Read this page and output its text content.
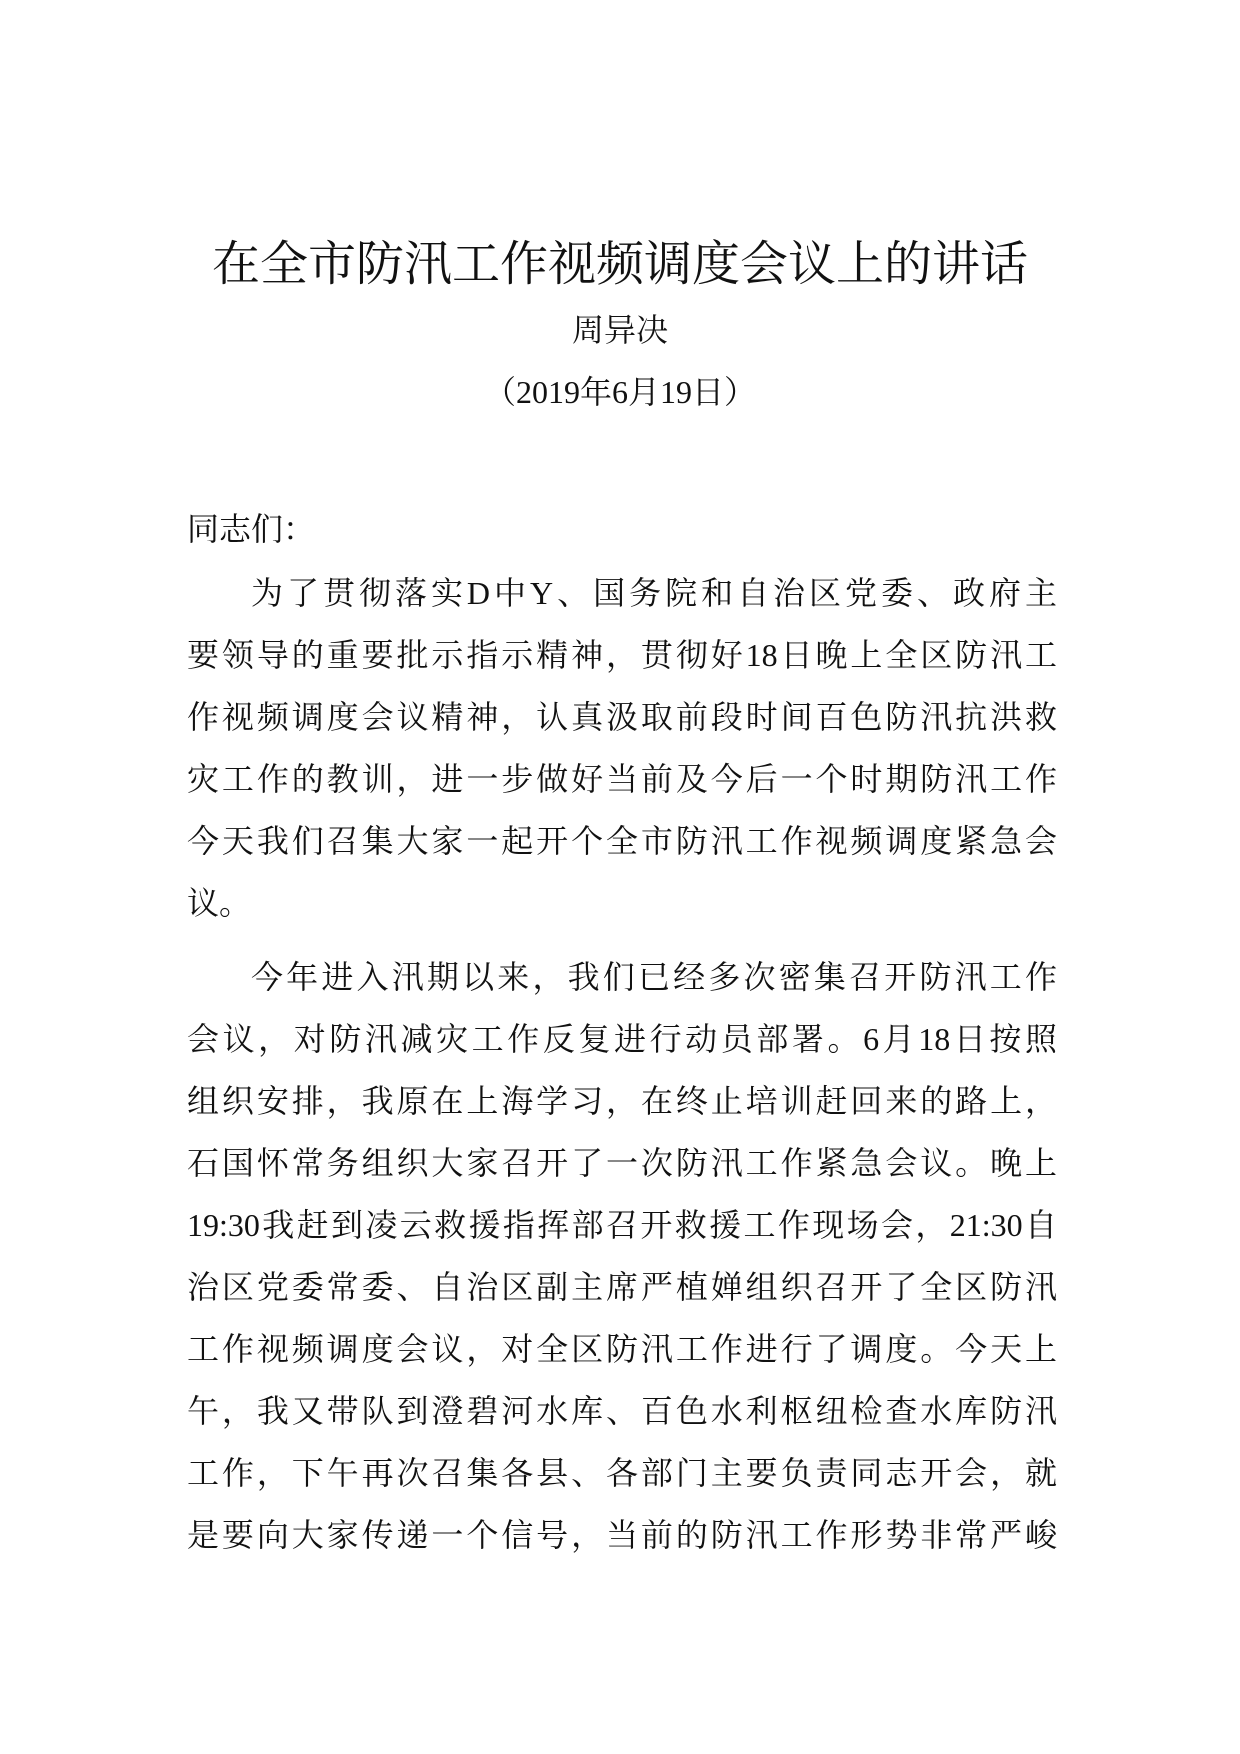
在全市防汛工作视频调度会议上的讲话
周异决
（2019年6月19日）
同志们：
为了贯彻落实D中Y、国务院和自治区党委、政府主
要领导的重要批示指示精神，贯彻好18日晚上全区防汛工
作视频调度会议精神，认真汲取前段时间百色防汛抗洪救
灾工作的教训，进一步做好当前及今后一个时期防汛工作
今天我们召集大家一起开个全市防汛工作视频调度紧急会
议。
今年进入汛期以来，我们已经多次密集召开防汛工作
会议，对防汛减灾工作反复进行动员部署。6月18日按照
组织安排，我原在上海学习，在终止培训赶回来的路上，
石国怀常务组织大家召开了一次防汛工作紧急会议。晚上
19:30我赶到凌云救援指挥部召开救援工作现场会，21:30自
治区党委常委、自治区副主席严植婵组织召开了全区防汛
工作视频调度会议，对全区防汛工作进行了调度。今天上
午，我又带队到澄碧河水库、百色水利枢纽检查水库防汛
工作，下午再次召集各县、各部门主要负责同志开会，就
是要向大家传递一个信号，当前的防汛工作形势非常严峻
